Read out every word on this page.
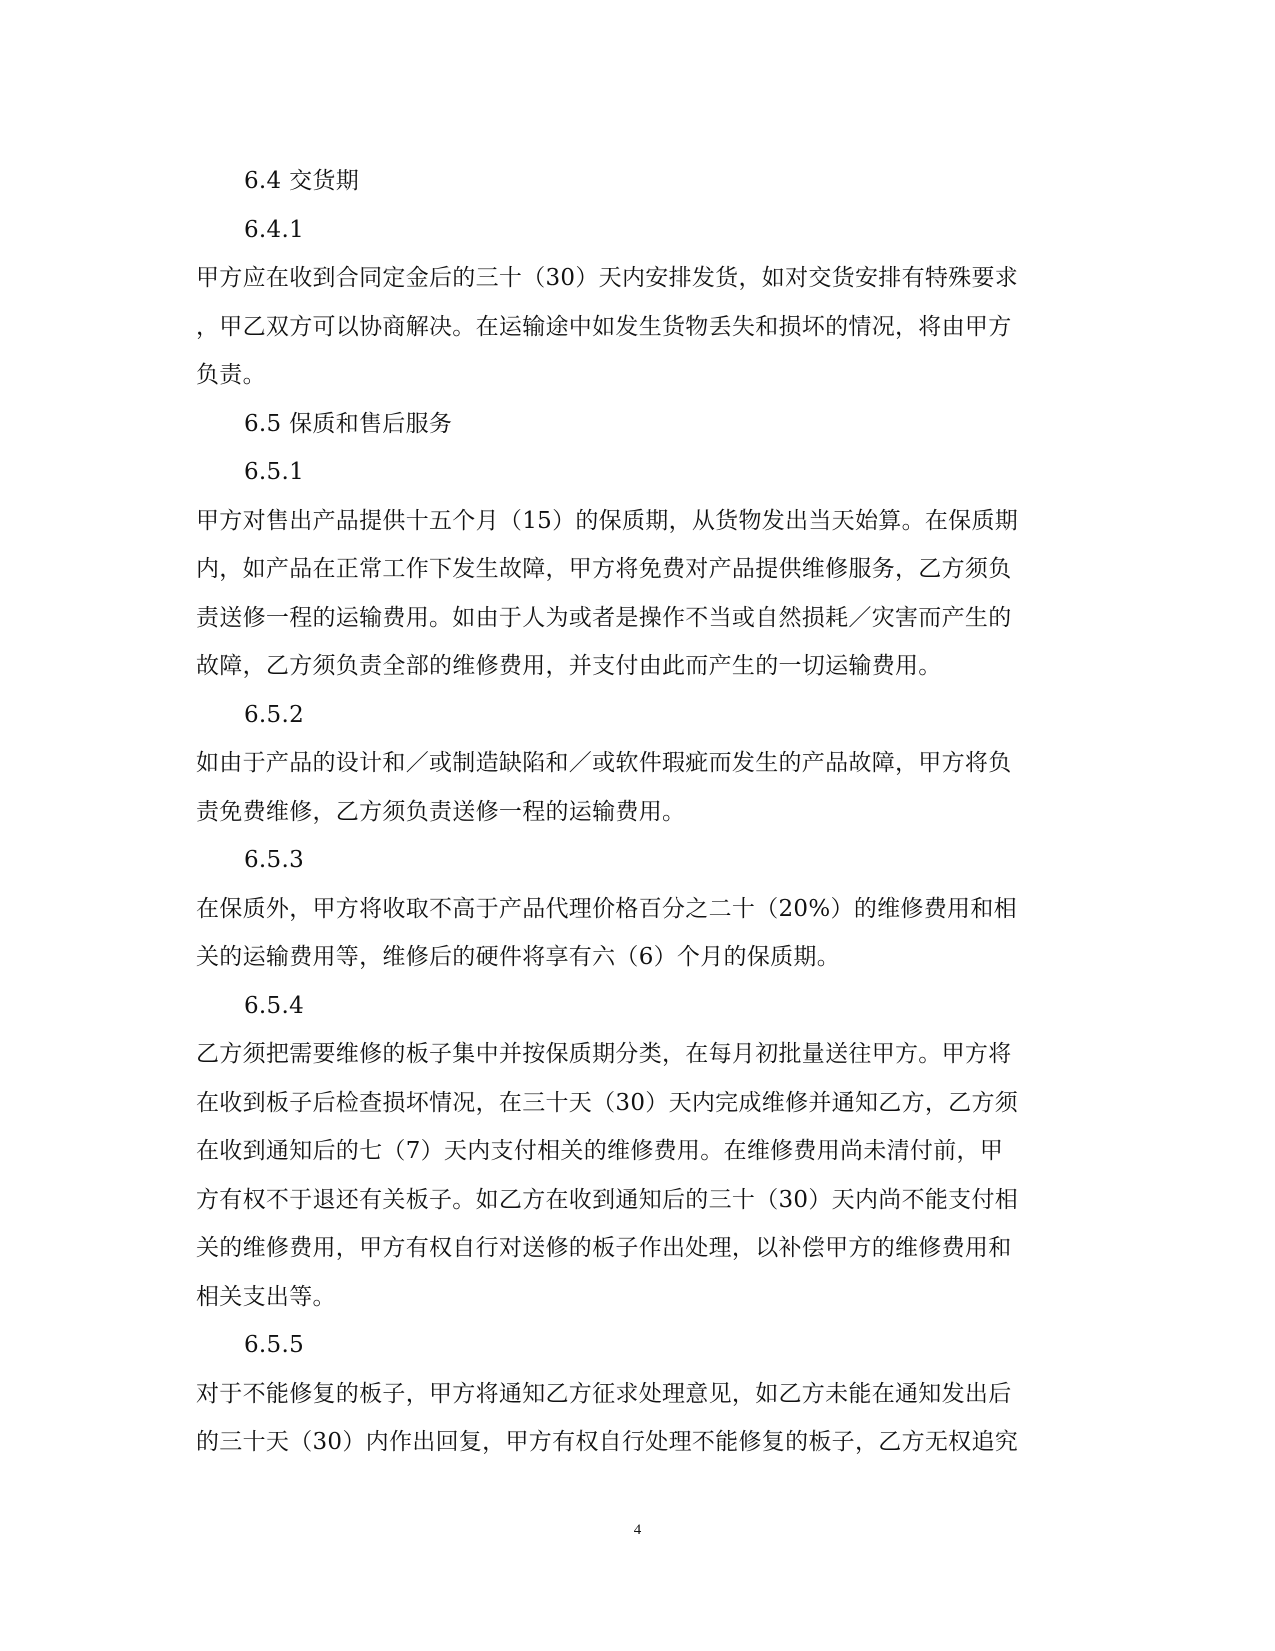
6.4 交货期
6.4.1
甲方应在收到合同定金后的三十（30）天内安排发货，如对交货安排有特殊要求
，甲乙双方可以协商解决。在运输途中如发生货物丢失和损坏的情况，将由甲方
负责。
6.5 保质和售后服务
6.5.1
甲方对售出产品提供十五个月（15）的保质期，从货物发出当天始算。在保质期
内，如产品在正常工作下发生故障，甲方将免费对产品提供维修服务，乙方须负
责送修一程的运输费用。如由于人为或者是操作不当或自然损耗／灾害而产生的
故障，乙方须负责全部的维修费用，并支付由此而产生的一切运输费用。
6.5.2
如由于产品的设计和／或制造缺陷和／或软件瑕疵而发生的产品故障，甲方将负
责免费维修，乙方须负责送修一程的运输费用。
6.5.3
在保质外，甲方将收取不高于产品代理价格百分之二十（20%）的维修费用和相
关的运输费用等，维修后的硬件将享有六（6）个月的保质期。
6.5.4
乙方须把需要维修的板子集中并按保质期分类，在每月初批量送往甲方。甲方将
在收到板子后检查损坏情况，在三十天（30）天内完成维修并通知乙方，乙方须
在收到通知后的七（7）天内支付相关的维修费用。在维修费用尚未清付前，甲
方有权不于退还有关板子。如乙方在收到通知后的三十（30）天内尚不能支付相
关的维修费用，甲方有权自行对送修的板子作出处理，以补偿甲方的维修费用和
相关支出等。
6.5.5
对于不能修复的板子，甲方将通知乙方征求处理意见，如乙方未能在通知发出后
的三十天（30）内作出回复，甲方有权自行处理不能修复的板子，乙方无权追究
4
